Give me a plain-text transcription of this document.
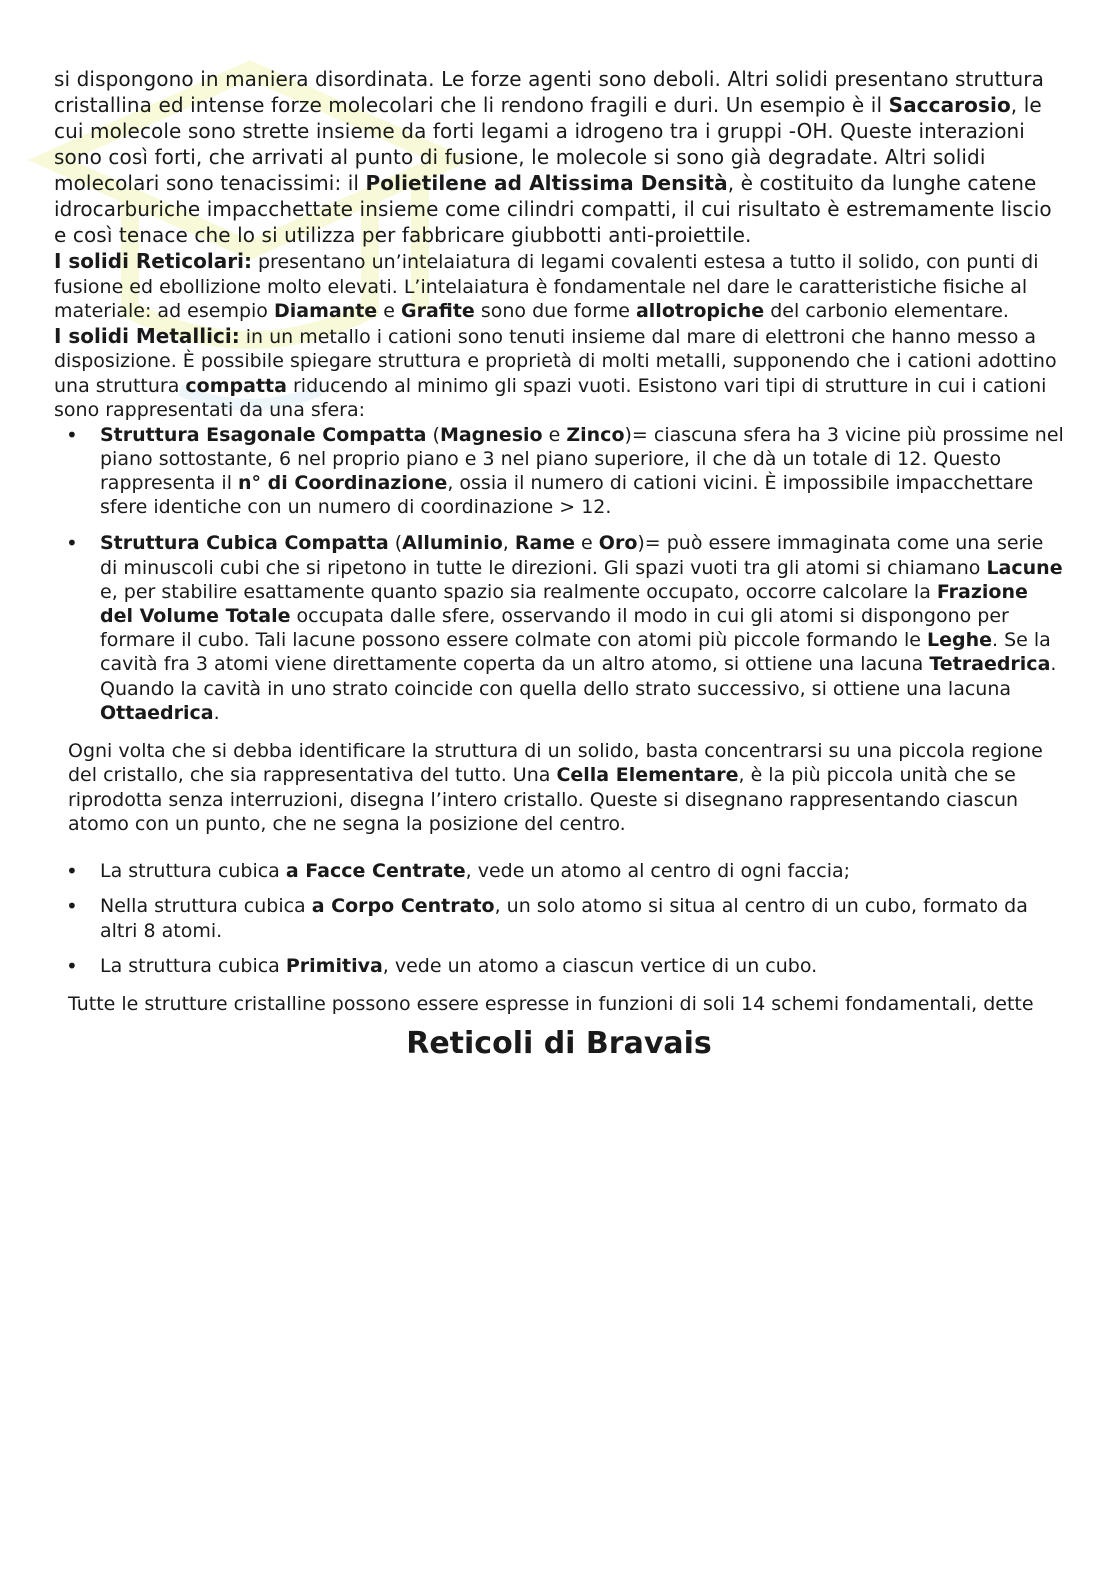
si dispongono in maniera disordinata. Le forze agenti sono deboli. Altri solidi presentano struttura cristallina ed intense forze molecolari che li rendono fragili e duri. Un esempio è il Saccarosio, le cui molecole sono strette insieme da forti legami a idrogeno tra i gruppi -OH. Queste interazioni sono così forti, che arrivati al punto di fusione, le molecole si sono già degradate. Altri solidi molecolari sono tenacissimi: il Polietilene ad Altissima Densità, è costituito da lunghe catene idrocarburiche impacchettate insieme come cilindri compatti, il cui risultato è estremamente liscio e così tenace che lo si utilizza per fabbricare giubbotti anti-proiettile.

I solidi Reticolari: presentano un’intelaiatura di legami covalenti estesa a tutto il solido, con punti di fusione ed ebollizione molto elevati. L’intelaiatura è fondamentale nel dare le caratteristiche fisiche al materiale: ad esempio Diamante e Grafite sono due forme allotropiche del carbonio elementare.

I solidi Metallici: in un metallo i cationi sono tenuti insieme dal mare di elettroni che hanno messo a disposizione. È possibile spiegare struttura e proprietà di molti metalli, supponendo che i cationi adottino una struttura compatta riducendo al minimo gli spazi vuoti. Esistono vari tipi di strutture in cui i cationi sono rappresentati da una sfera:

• Struttura Esagonale Compatta (Magnesio e Zinco)= ciascuna sfera ha 3 vicine più prossime nel piano sottostante, 6 nel proprio piano e 3 nel piano superiore, il che dà un totale di 12. Questo rappresenta il n° di Coordinazione, ossia il numero di cationi vicini. È impossibile impacchettare sfere identiche con un numero di coordinazione > 12.
• Struttura Cubica Compatta (Alluminio, Rame e Oro)= può essere immaginata come una serie di minuscoli cubi che si ripetono in tutte le direzioni. Gli spazi vuoti tra gli atomi si chiamano Lacune e, per stabilire esattamente quanto spazio sia realmente occupato, occorre calcolare la Frazione del Volume Totale occupata dalle sfere, osservando il modo in cui gli atomi si dispongono per formare il cubo. Tali lacune possono essere colmate con atomi più piccole formando le Leghe. Se la cavità fra 3 atomi viene direttamente coperta da un altro atomo, si ottiene una lacuna Tetraedrica. Quando la cavità in uno strato coincide con quella dello strato successivo, si ottiene una lacuna Ottaedrica.

Ogni volta che si debba identificare la struttura di un solido, basta concentrarsi su una piccola regione del cristallo, che sia rappresentativa del tutto. Una Cella Elementare, è la più piccola unità che se riprodotta senza interruzioni, disegna l’intero cristallo. Queste si disegnano rappresentando ciascun atomo con un punto, che ne segna la posizione del centro.

• La struttura cubica a Facce Centrate, vede un atomo al centro di ogni faccia;
• Nella struttura cubica a Corpo Centrato, un solo atomo si situa al centro di un cubo, formato da altri 8 atomi.
• La struttura cubica Primitiva, vede un atomo a ciascun vertice di un cubo.

Tutte le strutture cristalline possono essere espresse in funzioni di soli 14 schemi fondamentali, dette

Reticoli di Bravais
